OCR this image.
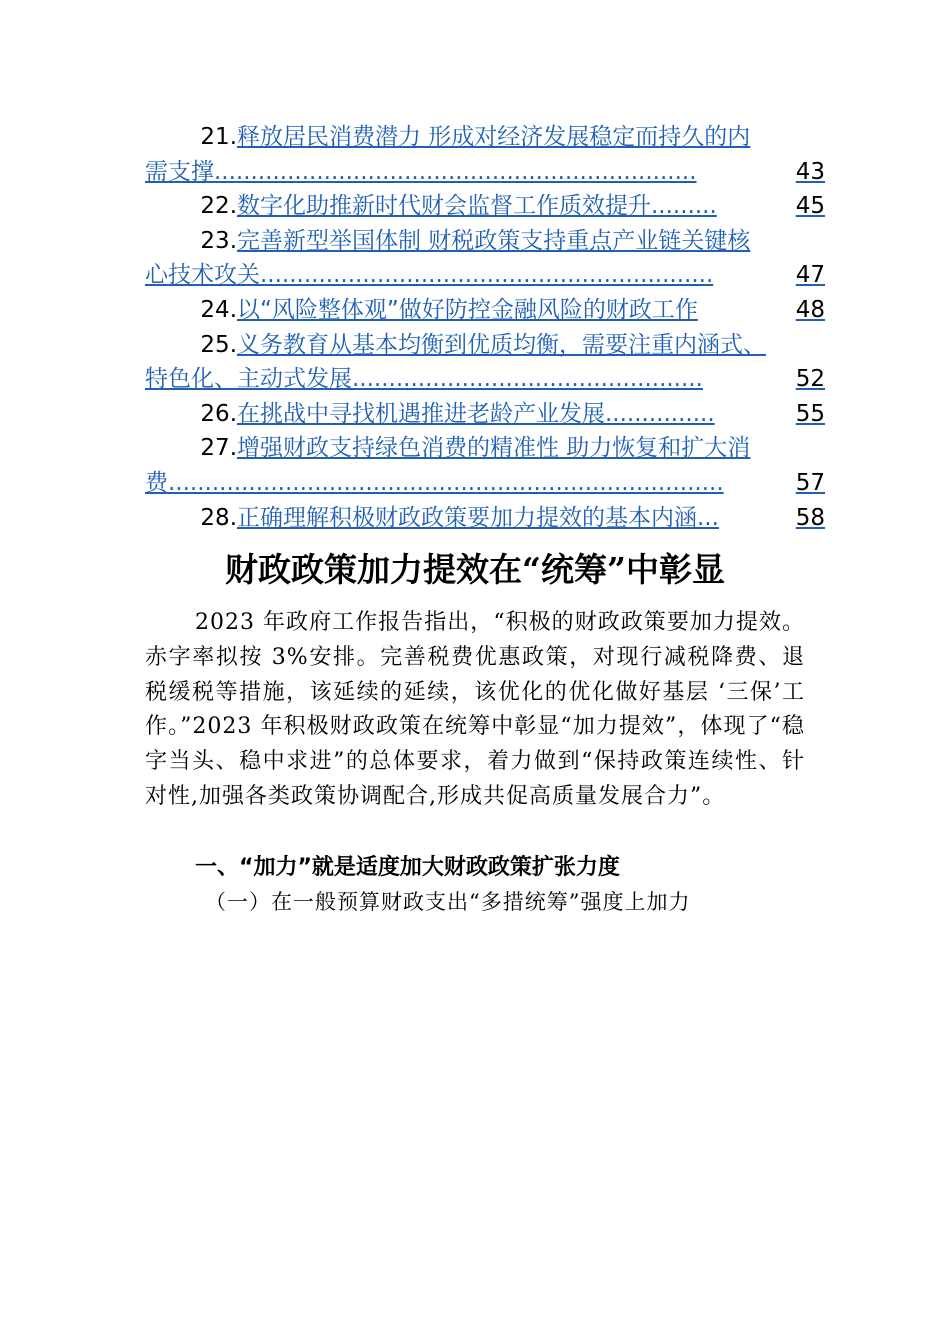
21.释放居民消费潜力 形成对经济发展稳定而持久的内
需支撑 ..................................................................	43
22. 数字化助推新时代财会监督工作质效提升 .........	45
23.完善新型举国体制 财税政策支持重点产业链关键核
心技术攻关 ..............................................................	47
24. 以“风险整体观”做好防控金融风险的财政工作	48
25.义务教育从基本均衡到优质均衡，需要注重内涵式、
特色化、主动式发展 ................................................	52
26. 在挑战中寻找机遇推进老龄产业发展 ...............	55
27.增强财政支持绿色消费的精准性 助力恢复和扩大消
费 ............................................................................	57
28. 正确理解积极财政政策要加力提效的基本内涵 ...	58
财政政策加力提效在“统筹”中彰显
2023 年政府工作报告指出，“积极的财政政策要加力提效。赤字率拟按 3%安排。完善税费优惠政策，对现行减税降费、退税缓税等措施，该延续的延续，该优化的优化做好基层 ‘三保’工作。”2023 年积极财政政策在统筹中彰显“加力提效”，体现了“稳字当头、稳中求进”的总体要求，着力做到“保持政策连续性、针对性,加强各类政策协调配合,形成共促高质量发展合力”。
一、“加力”就是适度加大财政政策扩张力度
（一）在一般预算财政支出“多措统筹”强度上加力
